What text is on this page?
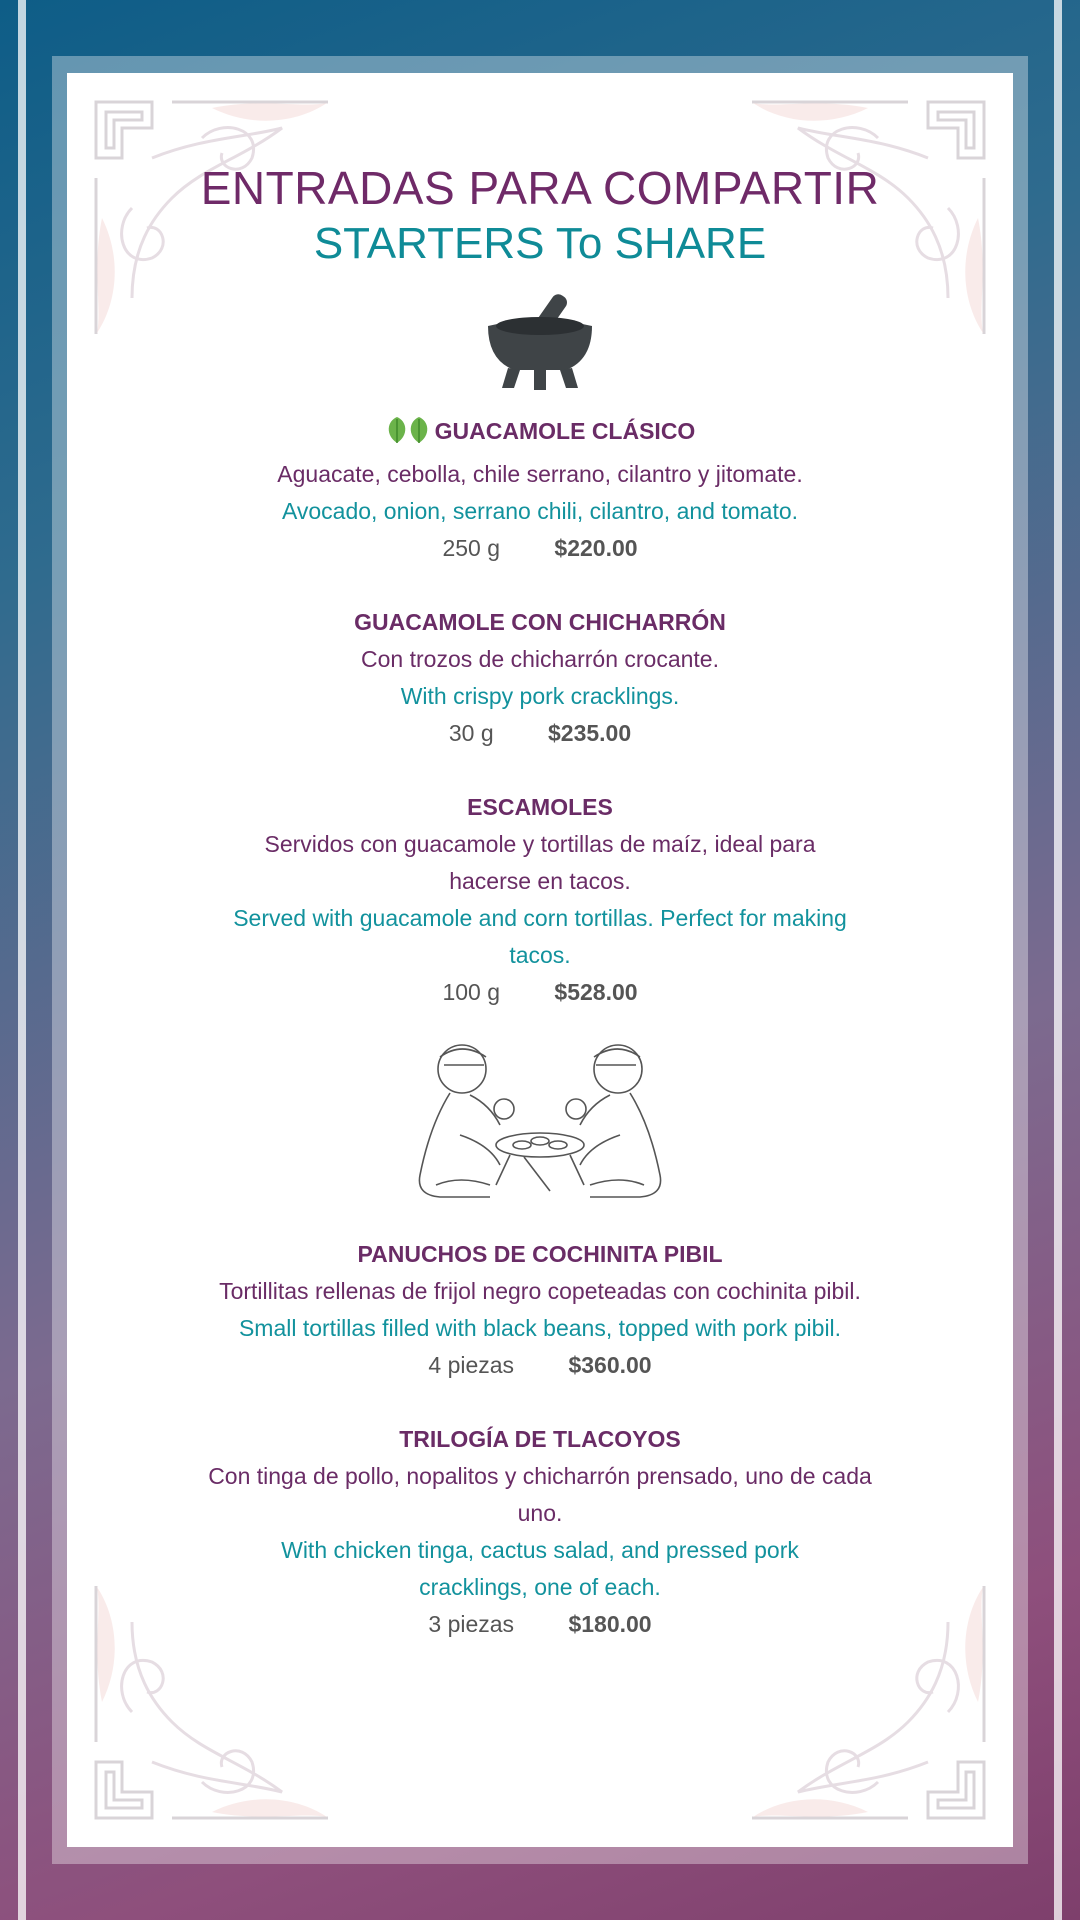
ENTRADAS PARA COMPARTIR
STARTERS To SHARE
GUACAMOLE CLÁSICO
Aguacate, cebolla, chile serrano, cilantro y jitomate.
Avocado, onion, serrano chili, cilantro, and tomato.
250 g $220.00
GUACAMOLE CON CHICHARRÓN
Con trozos de chicharrón crocante.
With crispy pork cracklings.
30 g $235.00
ESCAMOLES
Servidos con guacamole y tortillas de maíz, ideal para hacerse en tacos.
Served with guacamole and corn tortillas. Perfect for making tacos.
100 g $528.00
PANUCHOS DE COCHINITA PIBIL
Tortillitas rellenas de frijol negro copeteadas con cochinita pibil.
Small tortillas filled with black beans, topped with pork pibil.
4 piezas $360.00
TRILOGÍA DE TLACOYOS
Con tinga de pollo, nopalitos y chicharrón prensado, uno de cada uno.
With chicken tinga, cactus salad, and pressed pork cracklings, one of each.
3 piezas $180.00
